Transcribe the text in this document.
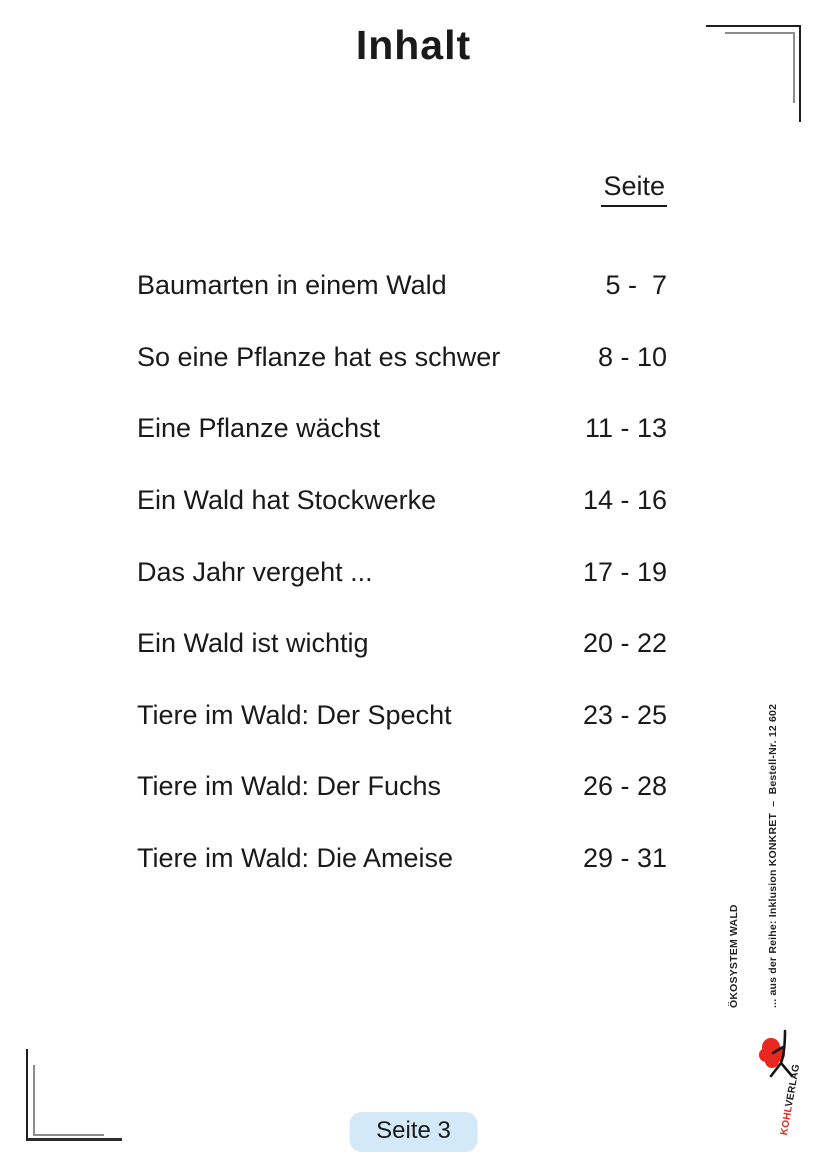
Inhalt
Seite
Baumarten in einem Wald	5 -  7
So eine Pflanze hat es schwer	8 - 10
Eine Pflanze wächst	11 - 13
Ein Wald hat Stockwerke	14 - 16
Das Jahr vergeht ...	17 - 19
Ein Wald ist wichtig	20 - 22
Tiere im Wald: Der Specht	23 - 25
Tiere im Wald: Der Fuchs	26 - 28
Tiere im Wald: Die Ameise	29 - 31

ÖKOSYSTEM WALD

	... aus der Reihe: Inklusion KONKRET  –  Bestell-Nr. 12 602

KOHLVERLAG
Seite 3
